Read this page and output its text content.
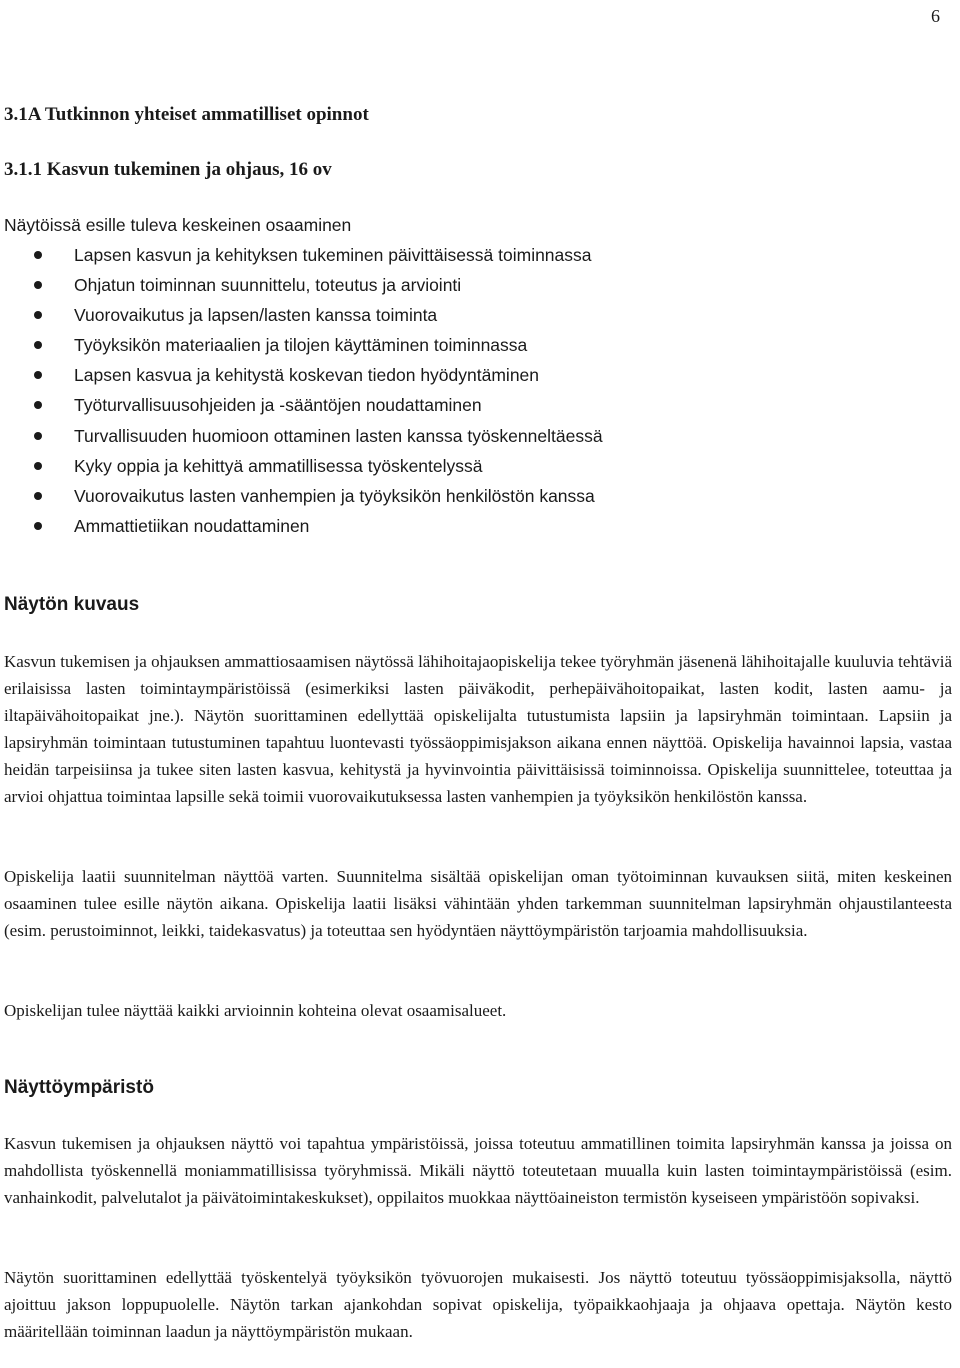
6
3.1A Tutkinnon yhteiset ammatilliset opinnot
3.1.1 Kasvun tukeminen ja ohjaus, 16 ov

Näytöissä esille tuleva keskeinen osaaminen

Lapsen kasvun ja kehityksen tukeminen päivittäisessä toiminnassa
Ohjatun toiminnan suunnittelu, toteutus ja arviointi
Vuorovaikutus ja lapsen/lasten kanssa toiminta
Työyksikön materiaalien ja tilojen käyttäminen toiminnassa
Lapsen kasvua ja kehitystä koskevan tiedon hyödyntäminen
Työturvallisuusohjeiden ja -sääntöjen noudattaminen
Turvallisuuden huomioon ottaminen lasten kanssa työskenneltäessä
Kyky oppia ja kehittyä ammatillisessa työskentelyssä
Vuorovaikutus lasten vanhempien ja työyksikön henkilöstön kanssa
Ammattietiikan noudattaminen
Näytön kuvaus

Kasvun tukemisen ja ohjauksen ammattiosaamisen näytössä lähihoitajaopiskelija tekee työryhmän jäsenenä lähihoitajalle kuuluvia tehtäviä erilaisissa lasten toimintaympäristöissä (esimerkiksi lasten päiväkodit, perhepäivähoitopaikat, lasten kodit, lasten aamu- ja iltapäivähoitopaikat jne.). Näytön suorittaminen edellyttää opiskelijalta tutustumista lapsiin ja lapsiryhmän toimintaan. Lapsiin ja lapsiryhmän toimintaan tutustuminen tapahtuu luontevasti työssäoppimisjakson aikana ennen näyttöä. Opiskelija havainnoi lapsia, vastaa heidän tarpeisiinsa ja tukee siten lasten kasvua, kehitystä ja hyvinvointia päivittäisissä toiminnoissa. Opiskelija suunnittelee, toteuttaa ja arvioi ohjattua toimintaa lapsille sekä toimii vuorovaikutuksessa lasten vanhempien ja työyksikön henkilöstön kanssa.

Opiskelija laatii suunnitelman näyttöä varten. Suunnitelma sisältää opiskelijan oman työtoiminnan kuvauksen siitä, miten keskeinen osaaminen tulee esille näytön aikana. Opiskelija laatii lisäksi vähintään yhden tarkemman suunnitelman lapsiryhmän ohjaustilanteesta (esim. perustoiminnot, leikki, taidekasvatus) ja toteuttaa sen hyödyntäen näyttöympäristön tarjoamia mahdollisuuksia.

Opiskelijan tulee näyttää kaikki arvioinnin kohteina olevat osaamisalueet.

Näyttöympäristö

Kasvun tukemisen ja ohjauksen näyttö voi tapahtua ympäristöissä, joissa toteutuu ammatillinen toimita lapsiryhmän kanssa ja joissa on mahdollista työskennellä moniammatillisissa työryhmissä. Mikäli näyttö toteutetaan muualla kuin lasten toimintaympäristöissä (esim. vanhainkodit, palvelutalot ja päivätoimintakeskukset), oppilaitos muokkaa näyttöaineiston termistön kyseiseen ympäristöön sopivaksi.

Näytön suorittaminen edellyttää työskentelyä työyksikön työvuorojen mukaisesti. Jos näyttö toteutuu työssäoppimisjaksolla, näyttö ajoittuu jakson loppupuolelle. Näytön tarkan ajankohdan sopivat opiskelija, työpaikkaohjaaja ja ohjaava opettaja. Näytön kesto määritellään toiminnan laadun ja näyttöympäristön mukaan.
